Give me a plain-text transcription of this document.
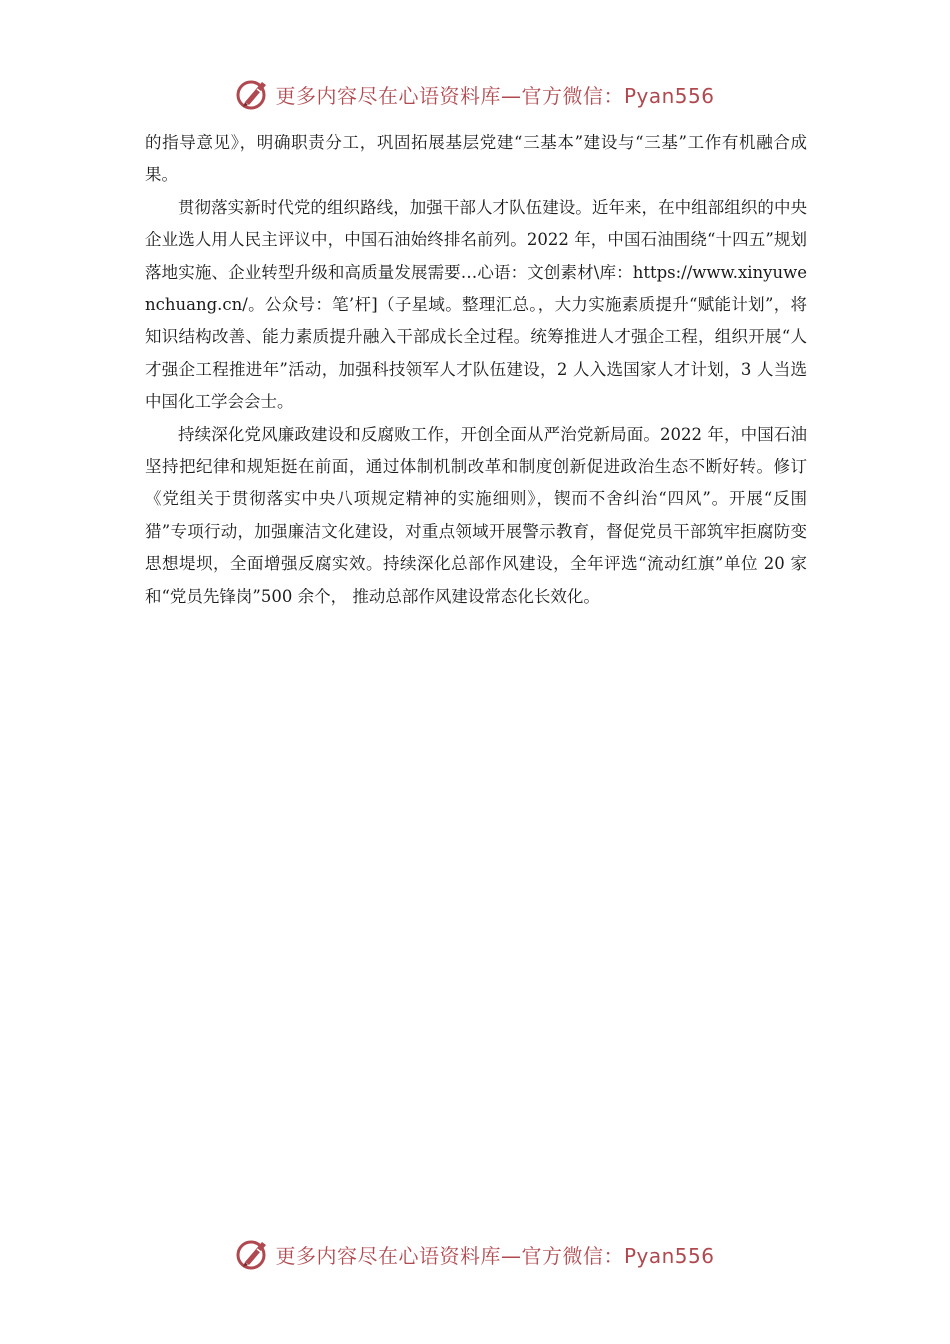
更多内容尽在心语资料库—官方微信：Pyan556

的指导意见》，明确职责分工，巩固拓展基层党建“三基本”建设与“三基”工作有机融合成果。

贯彻落实新时代党的组织路线，加强干部人才队伍建设。近年来，在中组部组织的中央企业选人用人民主评议中，中国石油始终排名前列。2022 年，中国石油围绕“十四五”规划落地实施、企业转型升级和高质量发展需要…心语：文创素材\库：https://www.xinyuwenchuang.cn/。公众号：笔’杆]（子星域。整理汇总。，大力实施素质提升“赋能计划”，将知识结构改善、能力素质提升融入干部成长全过程。统筹推进人才强企工程，组织开展“人才强企工程推进年”活动，加强科技领军人才队伍建设，2 人入选国家人才计划，3 人当选中国化工学会会士。

持续深化党风廉政建设和反腐败工作，开创全面从严治党新局面。2022 年，中国石油坚持把纪律和规矩挺在前面，通过体制机制改革和制度创新促进政治生态不断好转。修订《党组关于贯彻落实中央八项规定精神的实施细则》，锲而不舍纠治“四风”。开展“反围猎”专项行动，加强廉洁文化建设，对重点领域开展警示教育，督促党员干部筑牢拒腐防变思想堤坝，全面增强反腐实效。持续深化总部作风建设，全年评选“流动红旗”单位 20 家和“党员先锋岗”500 余个， 推动总部作风建设常态化长效化。

更多内容尽在心语资料库—官方微信：Pyan556
